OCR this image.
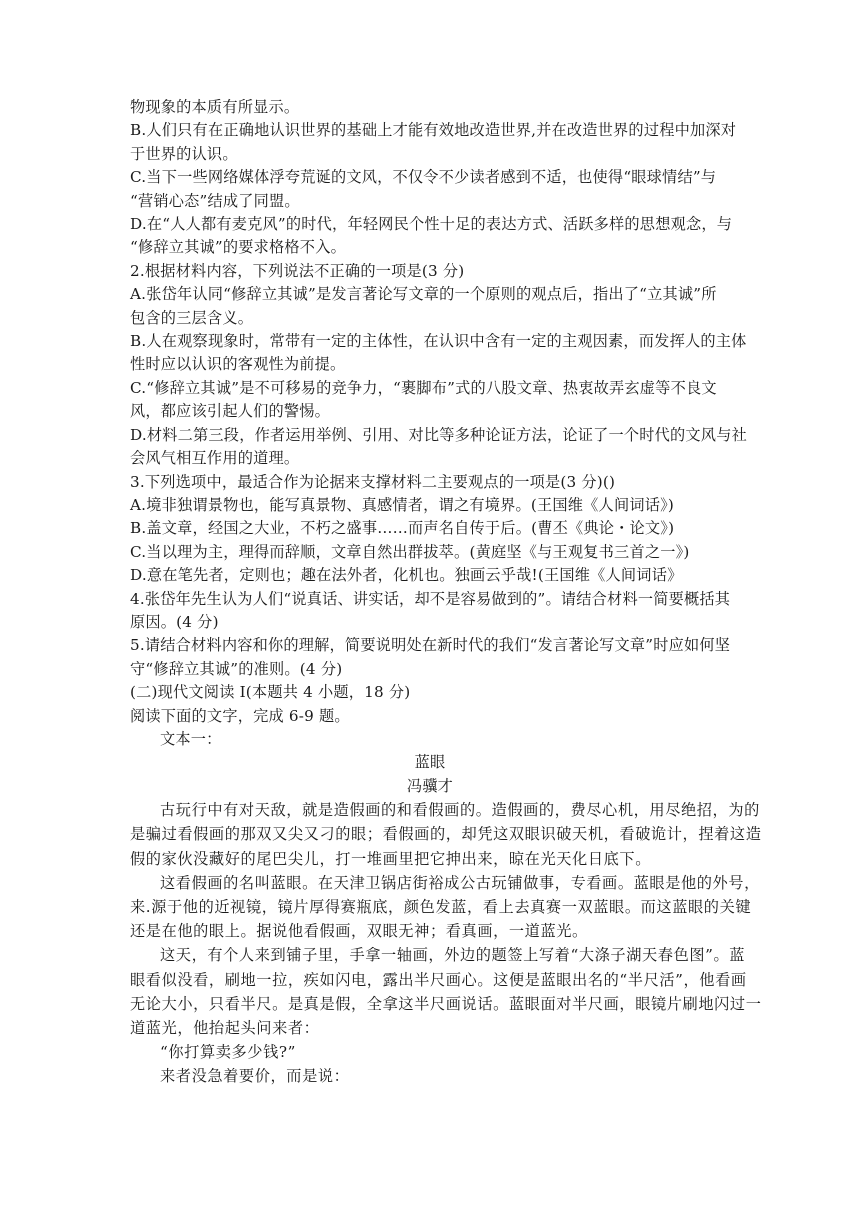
物现象的本质有所显示。
B.人们只有在正确地认识世界的基础上才能有效地改造世界,并在改造世界的过程中加深对
于世界的认识。
C.当下一些网络媒体浮夸荒诞的文风，不仅令不少读者感到不适，也使得“眼球情结”与
“营销心态”结成了同盟。
D.在“人人都有麦克风”的时代，年轻网民个性十足的表达方式、活跃多样的思想观念，与
“修辞立其诚”的要求格格不入。
2.根据材料内容，下列说法不正确的一项是(3 分)
A.张岱年认同“修辞立其诚”是发言著论写文章的一个原则的观点后，指出了“立其诚”所
包含的三层含义。
B.人在观察现象时，常带有一定的主体性，在认识中含有一定的主观因素，而发挥人的主体
性时应以认识的客观性为前提。
C.“修辞立其诚”是不可移易的竞争力，“裹脚布”式的八股文章、热衷故弄玄虚等不良文
风，都应该引起人们的警惕。
D.材料二第三段，作者运用举例、引用、对比等多种论证方法，论证了一个时代的文风与社
会风气相互作用的道理。
3.下列选项中，最适合作为论据来支撑材料二主要观点的一项是(3 分)()
A.境非独谓景物也，能写真景物、真感情者，谓之有境界。(王国维《人间词话》)
B.盖文章，经国之大业，不朽之盛事……而声名自传于后。(曹丕《典论・论文》)
C.当以理为主，理得而辞顺，文章自然出群拔萃。(黄庭坚《与王观复书三首之一》)
D.意在笔先者，定则也；趣在法外者，化机也。独画云乎哉!(王国维《人间词话》
4.张岱年先生认为人们“说真话、讲实话，却不是容易做到的”。请结合材料一简要概括其
原因。(4 分)
5.请结合材料内容和你的理解，简要说明处在新时代的我们“发言著论写文章”时应如何坚
守“修辞立其诚”的准则。(4 分)
(二)现代文阅读 I(本题共 4 小题，18 分)
阅读下面的文字，完成 6-9 题。
文本一：
蓝眼
冯骥才
古玩行中有对天敌，就是造假画的和看假画的。造假画的，费尽心机，用尽绝招，为的
是骗过看假画的那双又尖又刁的眼；看假画的，却凭这双眼识破天机，看破诡计，捏着这造
假的家伙没藏好的尾巴尖儿，打一堆画里把它抻出来，晾在光天化日底下。
这看假画的名叫蓝眼。在天津卫锅店街裕成公古玩铺做事，专看画。蓝眼是他的外号，
来.源于他的近视镜，镜片厚得赛瓶底，颜色发蓝，看上去真赛一双蓝眼。而这蓝眼的关键
还是在他的眼上。据说他看假画，双眼无神；看真画，一道蓝光。
这天，有个人来到铺子里，手拿一轴画，外边的题签上写着“大涤子湖天春色图”。蓝
眼看似没看，刷地一拉，疾如闪电，露出半尺画心。这便是蓝眼出名的“半尺活”，他看画
无论大小，只看半尺。是真是假，全拿这半尺画说话。蓝眼面对半尺画，眼镜片刷地闪过一
道蓝光，他抬起头问来者：
“你打算卖多少钱?”
来者没急着要价，而是说：
